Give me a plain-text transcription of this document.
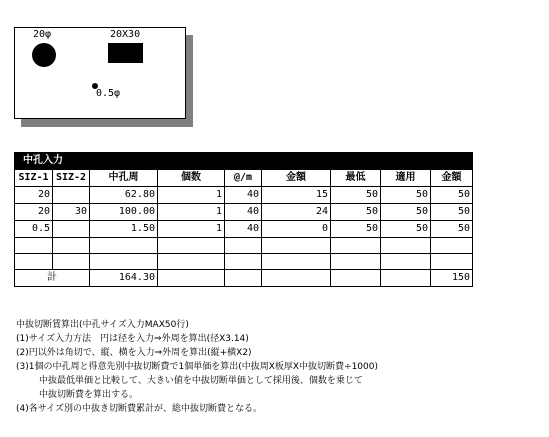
20φ	20X30
0.5φ
中孔入力								
SIZ-1	SIZ-2	中孔周	個数	@/m	金額	最低	適用	金額
20		62.80	1	40	15	50	50	50
20	30	100.00	1	40	24	50	50	50
0.5		1.50	1	40	0	50	50	50

計		164.30						150
中抜切断賃算出(中孔サイズ入力MAX50行)
(1)サイズ入力方法　円は径を入力⇒外周を算出(径X3.14)
(2)円以外は角切で、縦、横を入力⇒外周を算出(縦+横X2)
(3)1個の中孔周と得意先別中抜切断費で1個単価を算出(中抜周X板厚X中抜切断費÷1000)
中抜最低単価と比較して、大きい値を中抜切断単価として採用後、個数を乗じて
中抜切断費を算出する。
(4)各サイズ別の中抜き切断費累計が、総中抜切断費となる。
